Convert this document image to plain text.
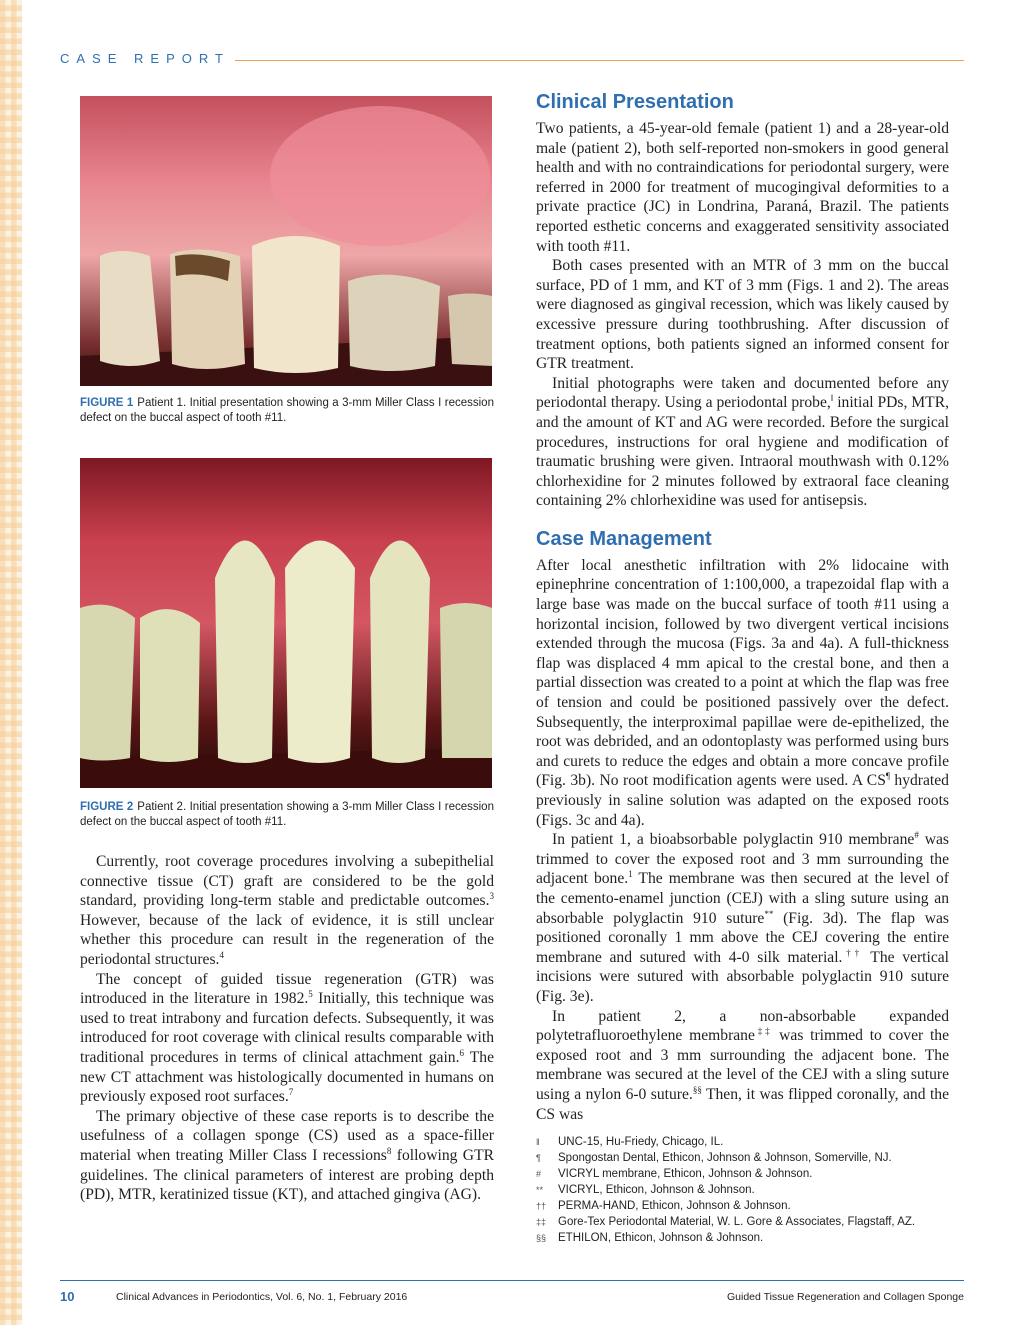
CASE REPORT
FIGURE 1 Patient 1. Initial presentation showing a 3-mm Miller Class I recession defect on the buccal aspect of tooth #11.
FIGURE 2 Patient 2. Initial presentation showing a 3-mm Miller Class I recession defect on the buccal aspect of tooth #11.

Currently, root coverage procedures involving a subepithelial connective tissue (CT) graft are considered to be the gold standard, providing long-term stable and predictable outcomes.$^3$ However, because of the lack of evidence, it is still unclear whether this procedure can result in the regeneration of the periodontal structures.$^4$

The concept of guided tissue regeneration (GTR) was introduced in the literature in 1982.$^5$ Initially, this technique was used to treat intrabony and furcation defects. Subsequently, it was introduced for root coverage with clinical results comparable with traditional procedures in terms of clinical attachment gain.$^6$ The new CT attachment was histologically documented in humans on previously exposed root surfaces.$^7$

The primary objective of these case reports is to describe the usefulness of a collagen sponge (CS) used as a space-filler material when treating Miller Class I recessions$^8$ following GTR guidelines. The clinical parameters of interest are probing depth (PD), MTR, keratinized tissue (KT), and attached gingiva (AG).

Clinical Presentation

Two patients, a 45-year-old female (patient 1) and a 28-year-old male (patient 2), both self-reported non-smokers in good general health and with no contraindications for periodontal surgery, were referred in 2000 for treatment of mucogingival deformities to a private practice (JC) in Londrina, Paraná, Brazil. The patients reported esthetic concerns and exaggerated sensitivity associated with tooth #11.

Both cases presented with an MTR of 3 mm on the buccal surface, PD of 1 mm, and KT of 3 mm (Figs. 1 and 2). The areas were diagnosed as gingival recession, which was likely caused by excessive pressure during toothbrushing. After discussion of treatment options, both patients signed an informed consent for GTR treatment.

Initial photographs were taken and documented before any periodontal therapy. Using a periodontal probe,‖ initial PDs, MTR, and the amount of KT and AG were recorded. Before the surgical procedures, instructions for oral hygiene and modification of traumatic brushing were given. Intraoral mouthwash with 0.12% chlorhexidine for 2 minutes followed by extraoral face cleaning containing 2% chlorhexidine was used for antisepsis.

Case Management

After local anesthetic infiltration with 2% lidocaine with epinephrine concentration of 1:100,000, a trapezoidal flap with a large base was made on the buccal surface of tooth #11 using a horizontal incision, followed by two divergent vertical incisions extended through the mucosa (Figs. 3a and 4a). A full-thickness flap was displaced 4 mm apical to the crestal bone, and then a partial dissection was created to a point at which the flap was free of tension and could be positioned passively over the defect. Subsequently, the interproximal papillae were de-epithelized, the root was debrided, and an odontoplasty was performed using burs and curets to reduce the edges and obtain a more concave profile (Fig. 3b). No root modification agents were used. A CS¶ hydrated previously in saline solution was adapted on the exposed roots (Figs. 3c and 4a).

In patient 1, a bioabsorbable polyglactin 910 membrane# was trimmed to cover the exposed root and 3 mm surrounding the adjacent bone.$^1$ The membrane was then secured at the level of the cemento-enamel junction (CEJ) with a sling suture using an absorbable polyglactin 910 suture** (Fig. 3d). The flap was positioned coronally 1 mm above the CEJ covering the entire membrane and sutured with 4-0 silk material.†† The vertical incisions were sutured with absorbable polyglactin 910 suture (Fig. 3e).

In patient 2, a non-absorbable expanded polytetrafluoroethylene membrane‡‡ was trimmed to cover the exposed root and 3 mm surrounding the adjacent bone. The membrane was secured at the level of the CEJ with a sling suture using a nylon 6-0 suture.§§ Then, it was flipped coronally, and the CS was

‖	UNC-15, Hu-Friedy, Chicago, IL.
¶	Spongostan Dental, Ethicon, Johnson & Johnson, Somerville, NJ.
#	VICRYL membrane, Ethicon, Johnson & Johnson.
**	VICRYL, Ethicon, Johnson & Johnson.
††	PERMA-HAND, Ethicon, Johnson & Johnson.
‡‡	Gore-Tex Periodontal Material, W. L. Gore & Associates, Flagstaff, AZ.
§§	ETHILON, Ethicon, Johnson & Johnson.
10	Clinical Advances in Periodontics, Vol. 6, No. 1, February 2016	Guided Tissue Regeneration and Collagen Sponge
